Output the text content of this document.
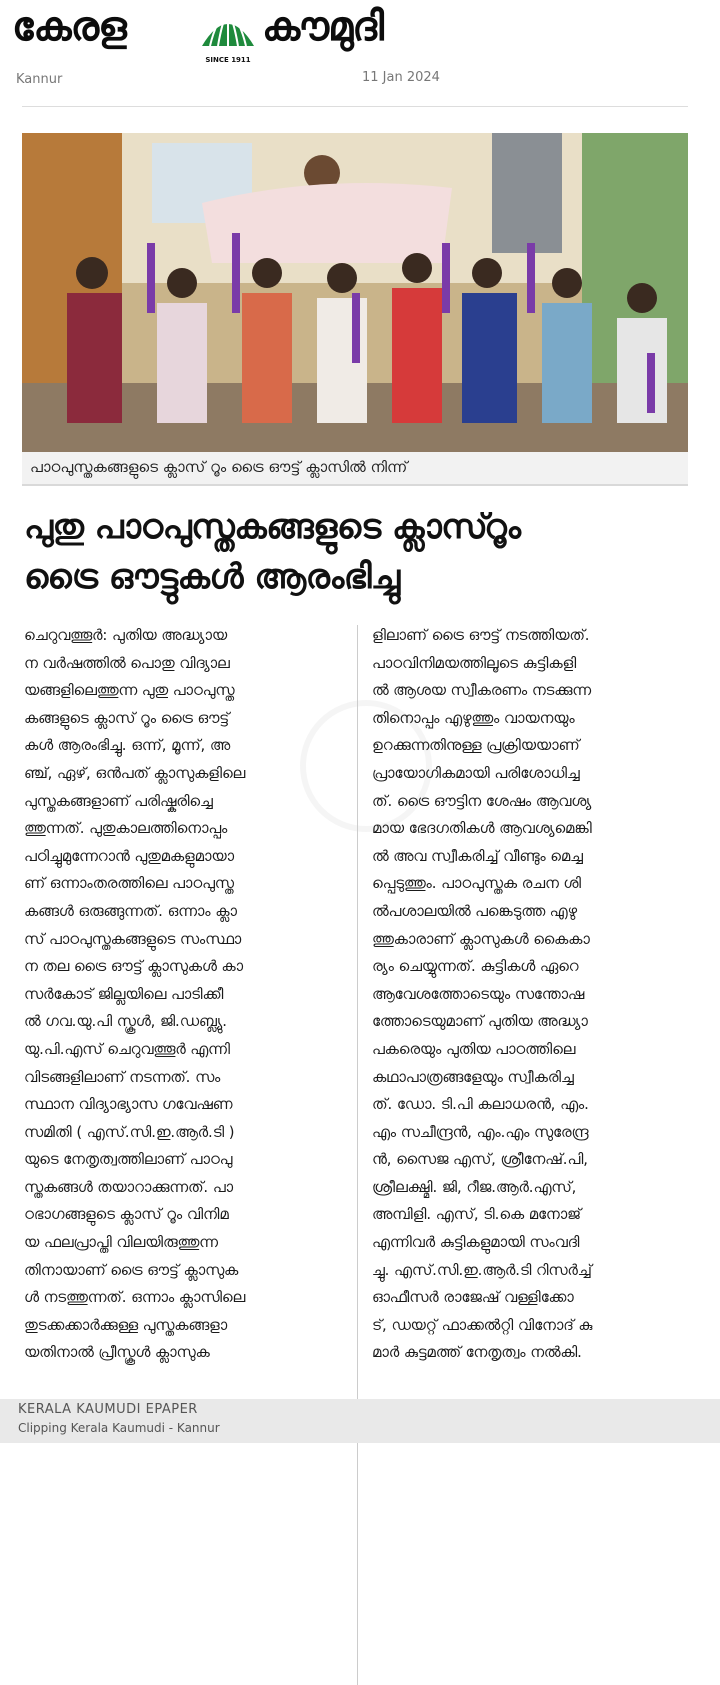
കേരള
SINCE 1911
കൗമുദി
Kannur	11 Jan 2024
പാഠപുസ്തകങ്ങളുടെ ക്ലാസ് റൂം ട്രൈ ഔട്ട് ക്ലാസിൽ നിന്ന്
പുതു പാഠപുസ്തകങ്ങളുടെ ക്ലാസ്റൂം
ട്രൈ ഔട്ടുകൾ ആരംഭിച്ചു
ചെറുവത്തൂർ: പുതിയ അദ്ധ്യായ
ന വർഷത്തിൽ പൊതു വിദ്യാല
യങ്ങളിലെത്തുന്ന പുതു പാഠപുസ്ത
കങ്ങളുടെ ക്ലാസ് റൂം ട്രൈ ഔട്ട്
കൾ ആരംഭിച്ചു. ഒന്ന്, മൂന്ന്, അ
ഞ്ച്, ഏഴ്, ഒൻപത് ക്ലാസുകളിലെ
പുസ്തകങ്ങളാണ് പരിഷ്കരിച്ചെ
ത്തുന്നത്. പുതുകാലത്തിനൊപ്പം
പഠിച്ചുമുന്നേറാൻ പുതുമകളുമായാ
ണ് ഒന്നാംതരത്തിലെ പാഠപുസ്ത
കങ്ങൾ ഒരുങ്ങുന്നത്. ഒന്നാം ക്ലാ
സ് പാഠപുസ്തകങ്ങളുടെ സംസ്ഥാ
ന തല ട്രൈ ഔട്ട് ക്ലാസുകൾ കാ
സർകോട് ജില്ലയിലെ പാടിക്കീ
ൽ ഗവ.യു.പി സ്കൂൾ, ജി.ഡബ്ല്യു.
യു.പി.എസ് ചെറുവത്തൂർ എന്നി
വിടങ്ങളിലാണ് നടന്നത്. സം
സ്ഥാന വിദ്യാഭ്യാസ ഗവേഷണ
സമിതി ( എസ്.സി.ഇ.ആർ.ടി )
യുടെ നേതൃത്വത്തിലാണ് പാഠപു
സ്തകങ്ങൾ തയാറാക്കുന്നത്. പാ
ഠഭാഗങ്ങളുടെ ക്ലാസ് റൂം വിനിമ
യ ഫലപ്രാപ്തി വിലയിരുത്തുന്ന
തിനായാണ് ട്രൈ ഔട്ട് ക്ലാസുക
ൾ നടത്തുന്നത്. ഒന്നാം ക്ലാസിലെ
തുടക്കക്കാർക്കുള്ള പുസ്തകങ്ങളാ
യതിനാൽ പ്രീസ്കൂൾ ക്ലാസുക
ളിലാണ് ട്രൈ ഔട്ട് നടത്തിയത്.
പാഠവിനിമയത്തിലൂടെ കുട്ടികളി
ൽ ആശയ സ്വീകരണം നടക്കുന്ന
തിനൊപ്പം എഴുത്തും വായനയും
ഉറക്കുന്നതിനുള്ള പ്രക്രിയയാണ്
പ്രായോഗികമായി പരിശോധിച്ച
ത്. ട്രൈ ഔട്ടിന ശേഷം ആവശ്യ
മായ ഭേദഗതികൾ ആവശ്യമെങ്കി
ൽ അവ സ്വീകരിച്ച് വീണ്ടും മെച്ച
പ്പെടുത്തും. പാഠപുസ്തക രചന ശി
ൽപശാലയിൽ പങ്കെടുത്ത എഴു
ത്തുകാരാണ് ക്ലാസുകൾ കൈകാ
ര്യം ചെയ്യുന്നത്. കുട്ടികൾ ഏറെ
ആവേശത്തോടെയും സന്തോഷ
ത്തോടെയുമാണ് പുതിയ അദ്ധ്യാ
പകരെയും പുതിയ പാഠത്തിലെ
കഥാപാത്രങ്ങളേയും സ്വീകരിച്ച
ത്. ഡോ. ടി.പി കലാധരൻ, എം.
എം സചീന്ദ്രൻ, എം.എം സുരേന്ദ്ര
ൻ, സൈജ എസ്, ശ്രീനേഷ്.പി,
ശ്രീലക്ഷ്മി. ജി, റീജ.ആർ.എസ്,
അമ്പിളി. എസ്, ടി.കെ മനോജ്
എന്നിവർ കുട്ടികളുമായി സംവദി
ച്ചു. എസ്.സി.ഇ.ആർ.ടി റിസർച്ച്
ഓഫീസർ രാജേഷ് വള്ളിക്കോ
ട്, ഡയറ്റ് ഫാക്കൽറ്റി വിനോദ് കു
മാർ കുട്ടമത്ത് നേതൃത്വം നൽകി.
KERALA KAUMUDI EPAPER
Clipping Kerala Kaumudi - Kannur
